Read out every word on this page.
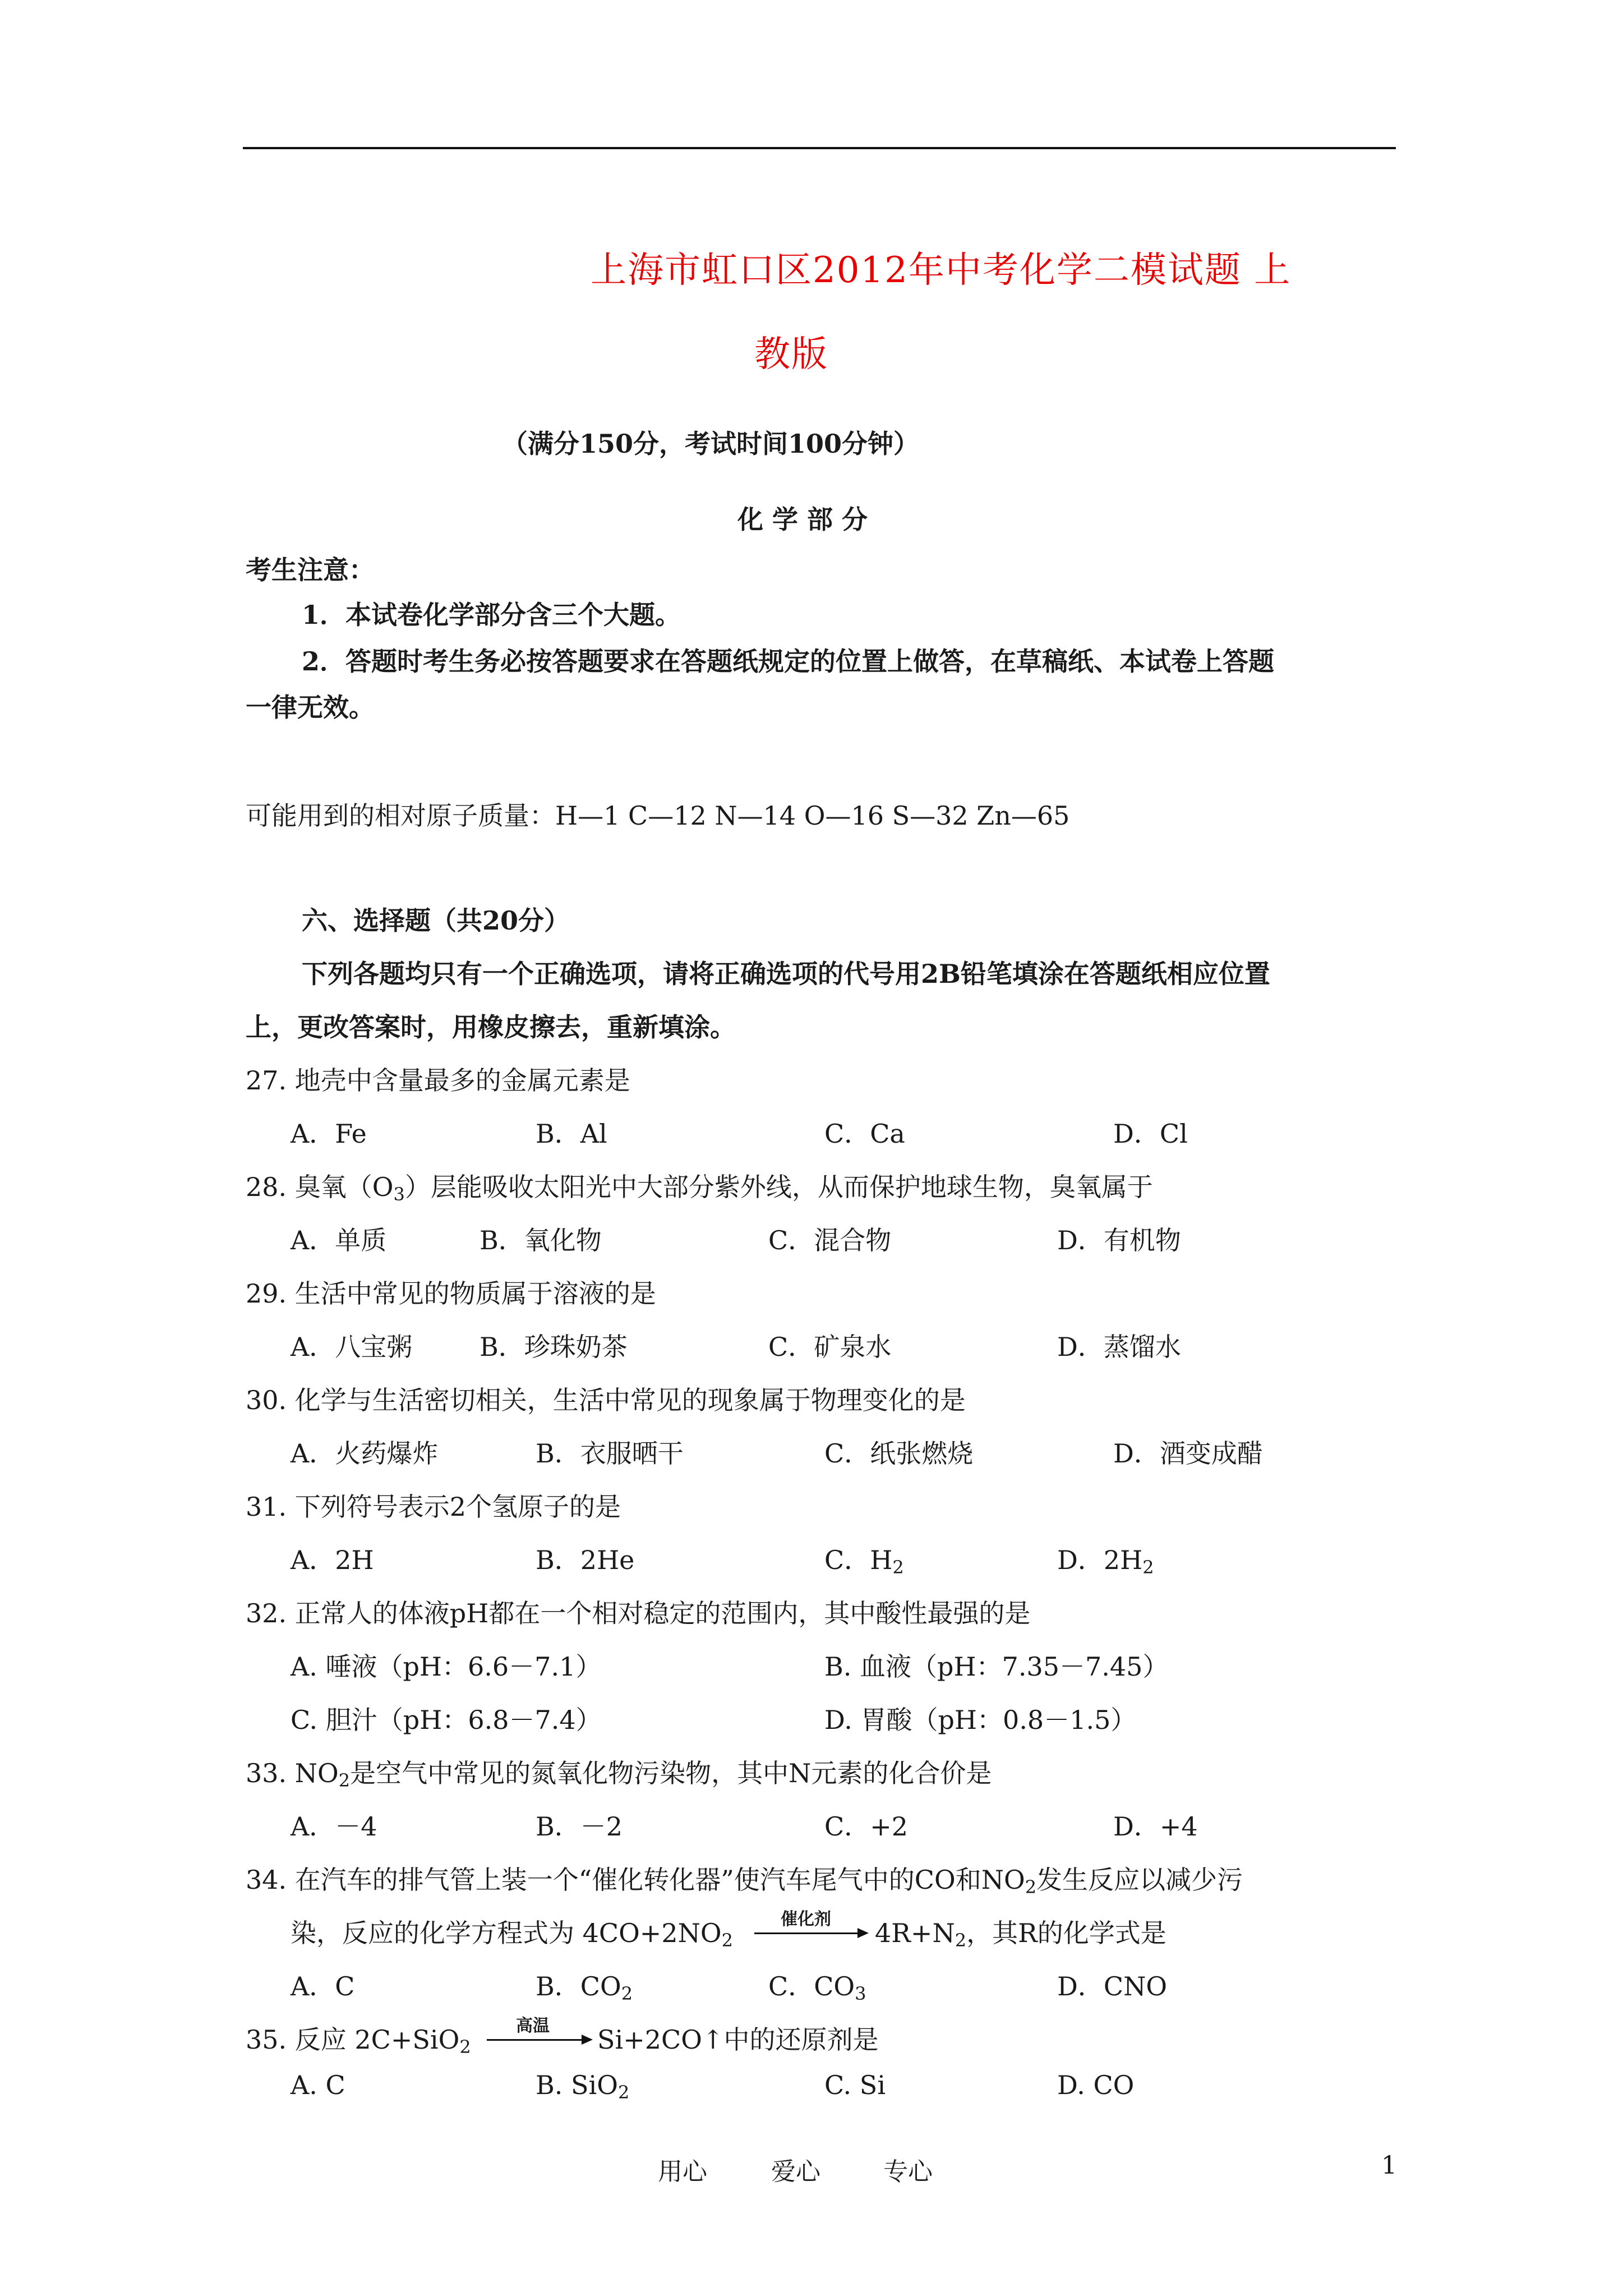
上海市虹口区2012年中考化学二模试题 上
教版
（满分150分，考试时间100分钟）
化 学 部 分
考生注意：
1．本试卷化学部分含三个大题。
2．答题时考生务必按答题要求在答题纸规定的位置上做答，在草稿纸、本试卷上答题
一律无效。
可能用到的相对原子质量：H—1 C—12 N—14 O—16 S—32 Zn—65
六、选择题（共20分）
下列各题均只有一个正确选项，请将正确选项的代号用2B铅笔填涂在答题纸相应位置
上，更改答案时，用橡皮擦去，重新填涂。
27. 地壳中含量最多的金属元素是
A．Fe	B．Al	C．Ca	D．Cl
28. 臭氧$(O_3)$层能吸收太阳光中大部分紫外线，从而保护地球生物，臭氧属于
A．单质	B．氧化物	C．混合物	D．有机物
29. 生活中常见的物质属于溶液的是
A．八宝粥	B．珍珠奶茶	C．矿泉水	D．蒸馏水
30. 化学与生活密切相关，生活中常见的现象属于物理变化的是
A．火药爆炸	B．衣服晒干	C．纸张燃烧	D．酒变成醋
31. 下列符号表示2个氢原子的是
A．2H	B．2He	C．$H_2$	D．$2H_2$
32. 正常人的体液pH都在一个相对稳定的范围内，其中酸性最强的是
A. 唾液（pH：6.6－7.1）	B. 血液（pH：7.35－7.45）
C. 胆汁（pH：6.8－7.4）	D. 胃酸（pH：0.8－1.5）
33. $NO_2$是空气中常见的氮氧化物污染物，其中N元素的化合价是
A．－4	B．－2	C．+2	D．+4
34. 在汽车的排气管上装一个“催化转化器”使汽车尾气中的CO和$NO_2$发生反应以减少污
染，反应的化学方程式为 $4CO+2NO_2$
催化剂 $4R+N_2$，其R的化学式是
A．C	B．$CO_2$	C．$CO_3$	D．CNO
35. 反应 2C+SiO$_2$
高温 Si+2CO↑中的还原剂是
A. C	B. SiO$_2$	C. Si	D. CO
用心	爱心	专心	1
